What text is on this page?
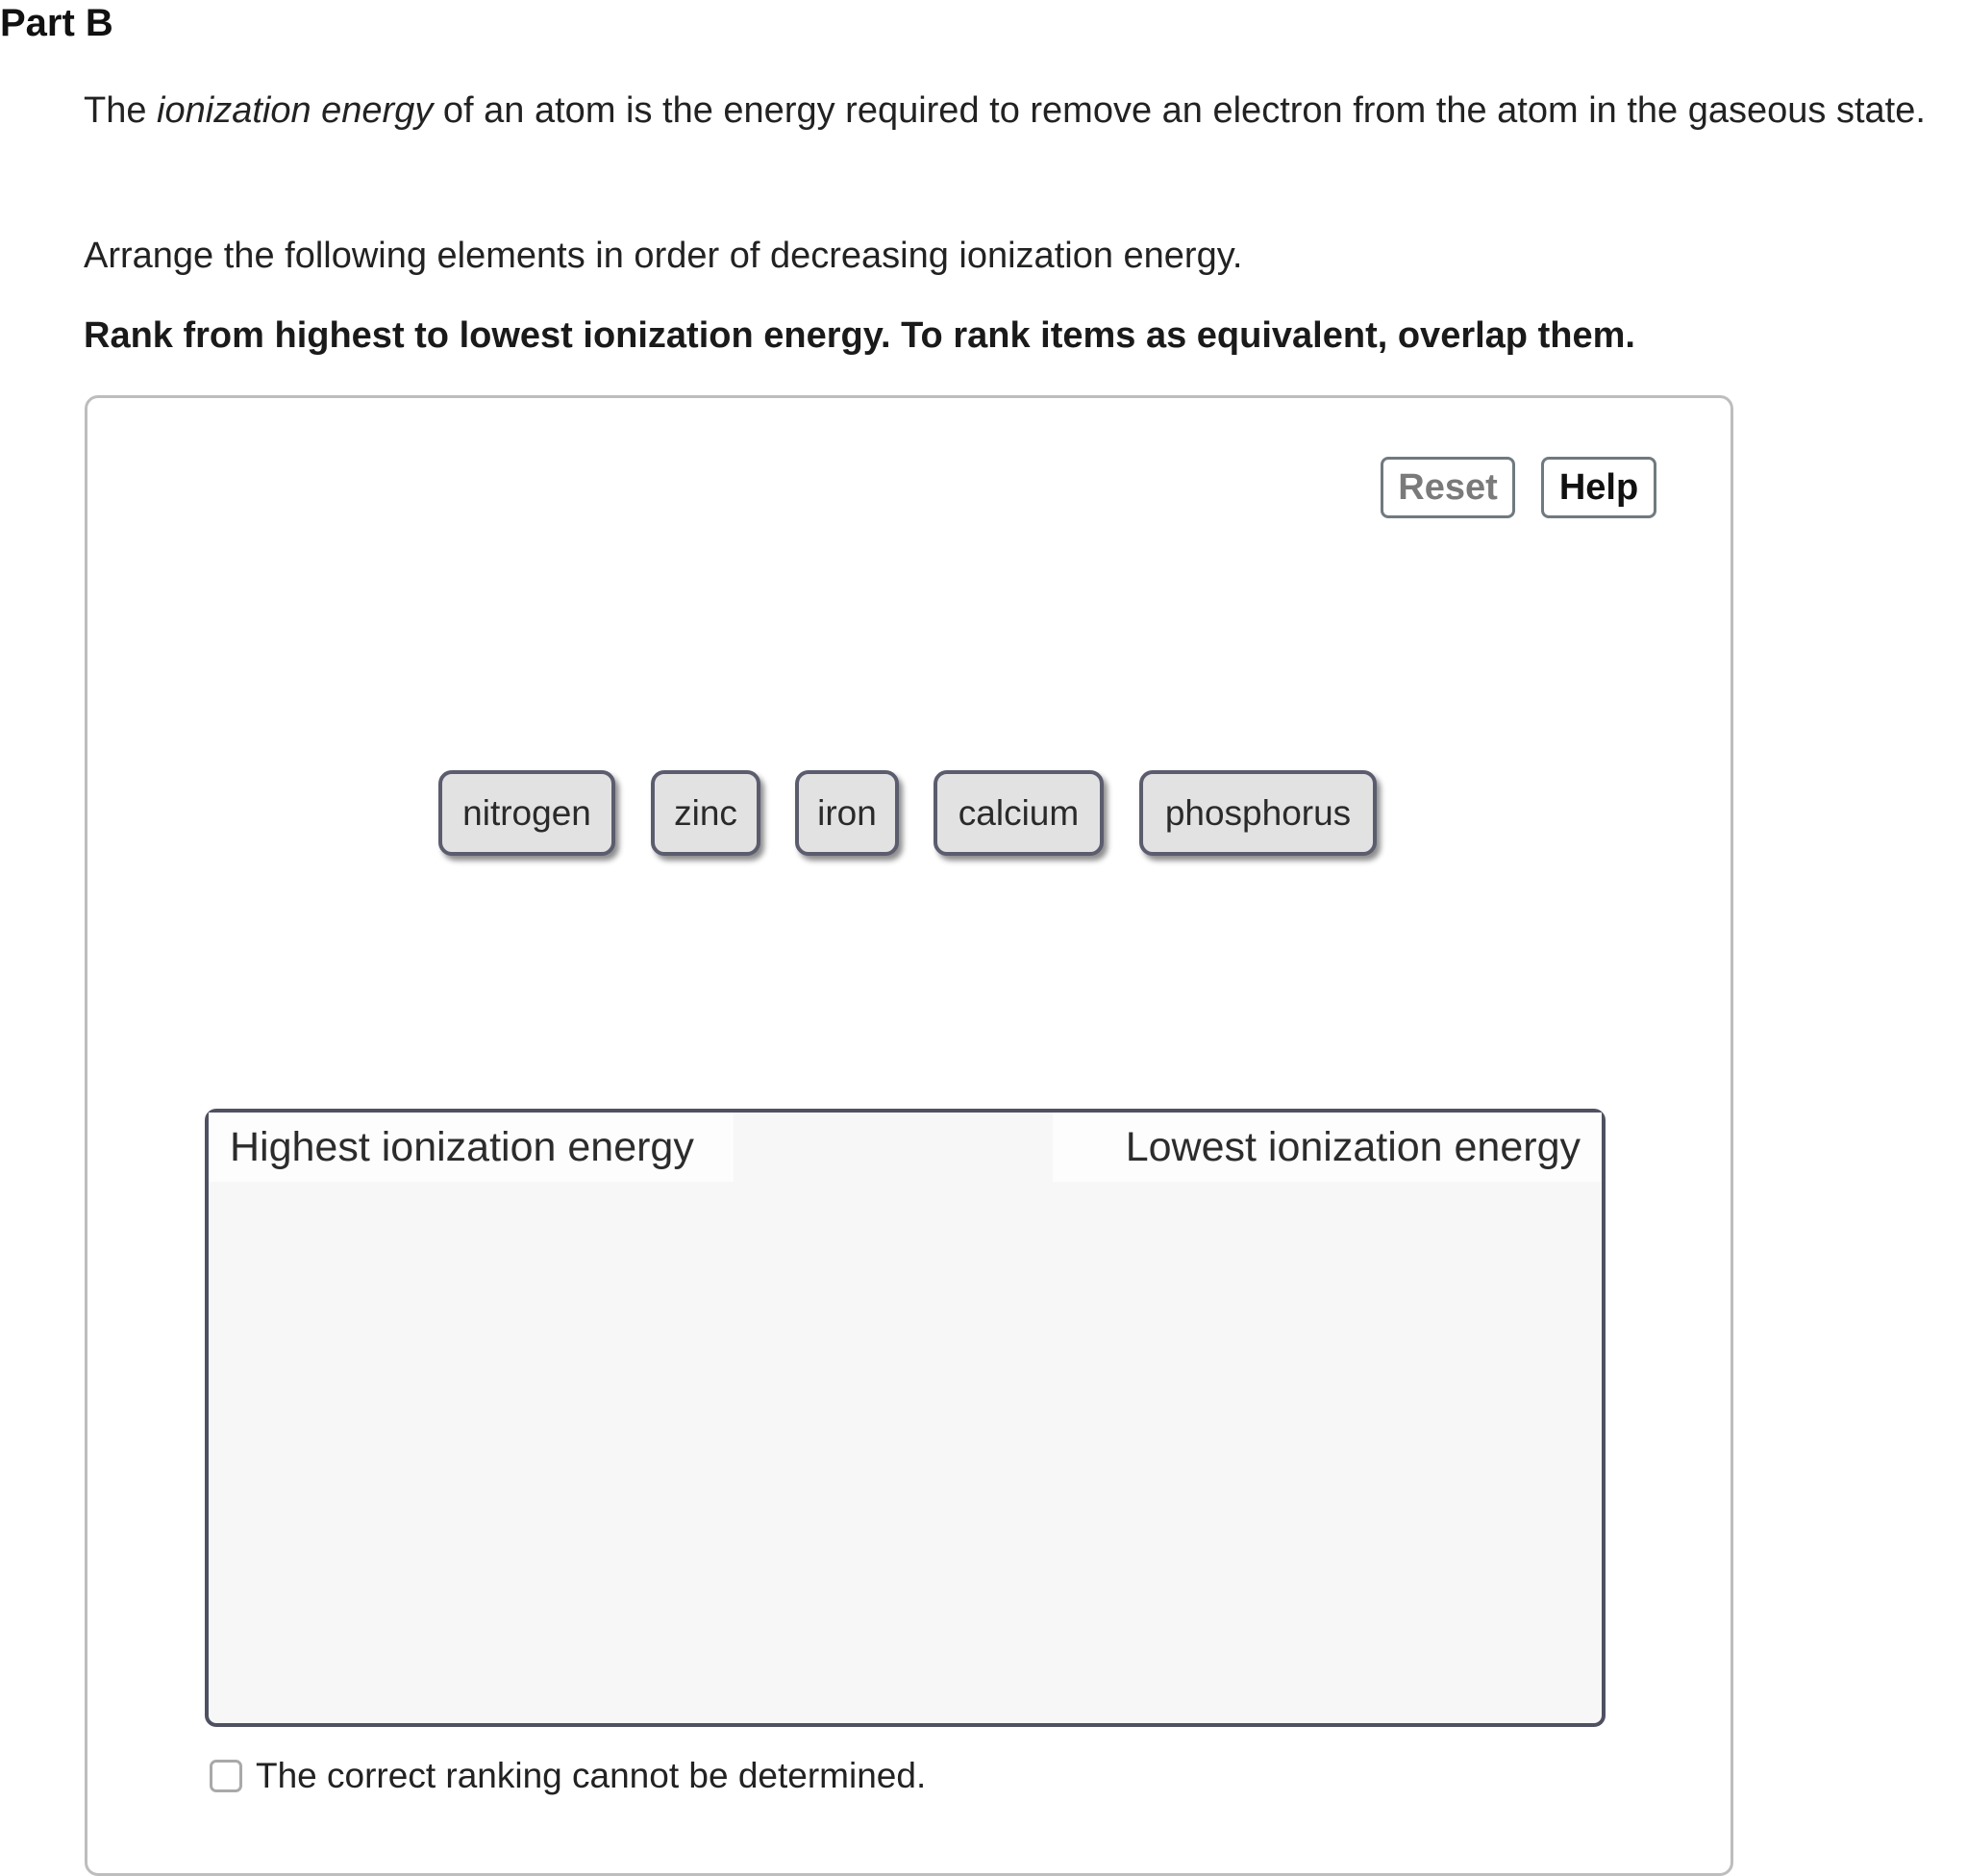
Part B
The ionization energy of an atom is the energy required to remove an electron from the atom in the gaseous state.
Arrange the following elements in order of decreasing ionization energy.
Rank from highest to lowest ionization energy. To rank items as equivalent, overlap them.
Reset	Help
nitrogen	zinc	iron	calcium	phosphorus
Highest ionization energy	Lowest ionization energy
The correct ranking cannot be determined.
